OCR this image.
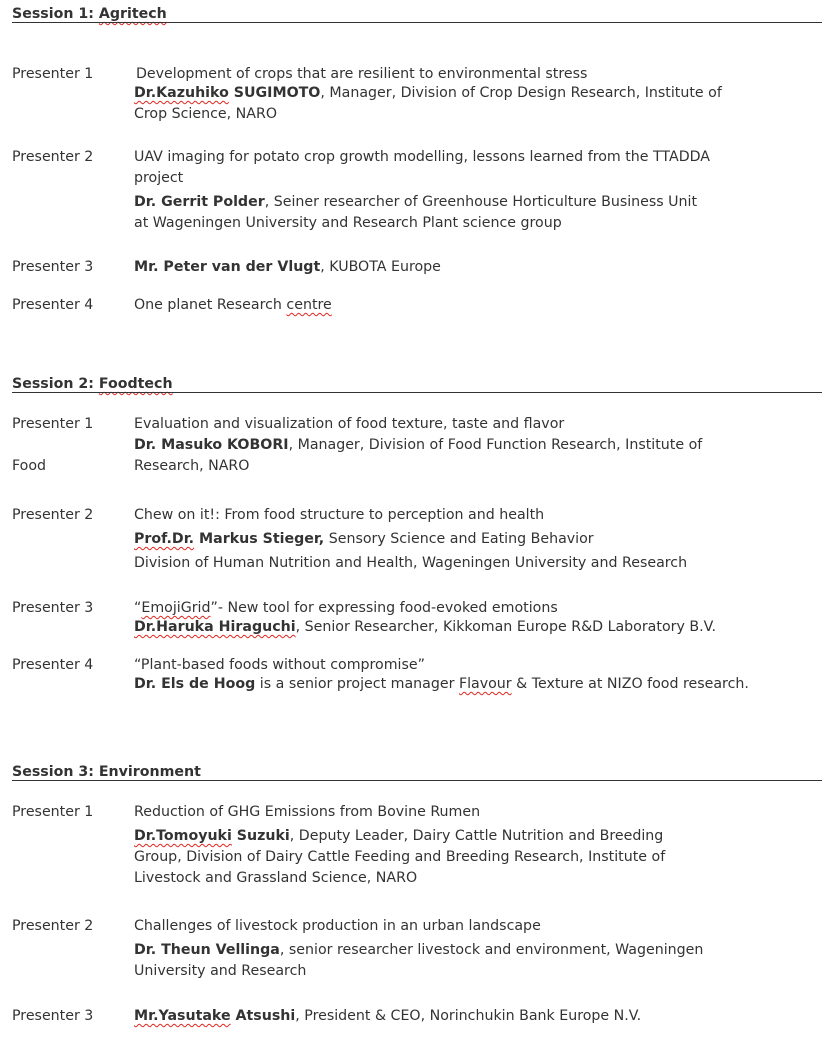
Session 1: Agritech
Presenter 1	Development of crops that are resilient to environmental stress
Dr.Kazuhiko SUGIMOTO, Manager, Division of Crop Design Research, Institute of
Crop Science, NARO
Presenter 2	UAV imaging for potato crop growth modelling, lessons learned from the TTADDA
project
Dr. Gerrit Polder, Seiner researcher of Greenhouse Horticulture Business Unit
at Wageningen University and Research Plant science group
Presenter 3	Mr. Peter van der Vlugt, KUBOTA Europe
Presenter 4	One planet Research centre
Session 2: Foodtech
Presenter 1	Evaluation and visualization of food texture, taste and flavor
Dr. Masuko KOBORI, Manager, Division of Food Function Research, Institute of
Food	Research, NARO
Presenter 2	Chew on it!: From food structure to perception and health
Prof.Dr. Markus Stieger, Sensory Science and Eating Behavior
Division of Human Nutrition and Health, Wageningen University and Research
Presenter 3	“EmojiGrid”- New tool for expressing food-evoked emotions
Dr.Haruka Hiraguchi, Senior Researcher, Kikkoman Europe R&D Laboratory B.V.
Presenter 4	“Plant-based foods without compromise”
Dr. Els de Hoog is a senior project manager Flavour & Texture at NIZO food research.
Session 3: Environment
Presenter 1	Reduction of GHG Emissions from Bovine Rumen
Dr.Tomoyuki Suzuki, Deputy Leader, Dairy Cattle Nutrition and Breeding
Group, Division of Dairy Cattle Feeding and Breeding Research, Institute of
Livestock and Grassland Science, NARO
Presenter 2	Challenges of livestock production in an urban landscape
Dr. Theun Vellinga, senior researcher livestock and environment, Wageningen
University and Research
Presenter 3	Mr.Yasutake Atsushi, President & CEO, Norinchukin Bank Europe N.V.
